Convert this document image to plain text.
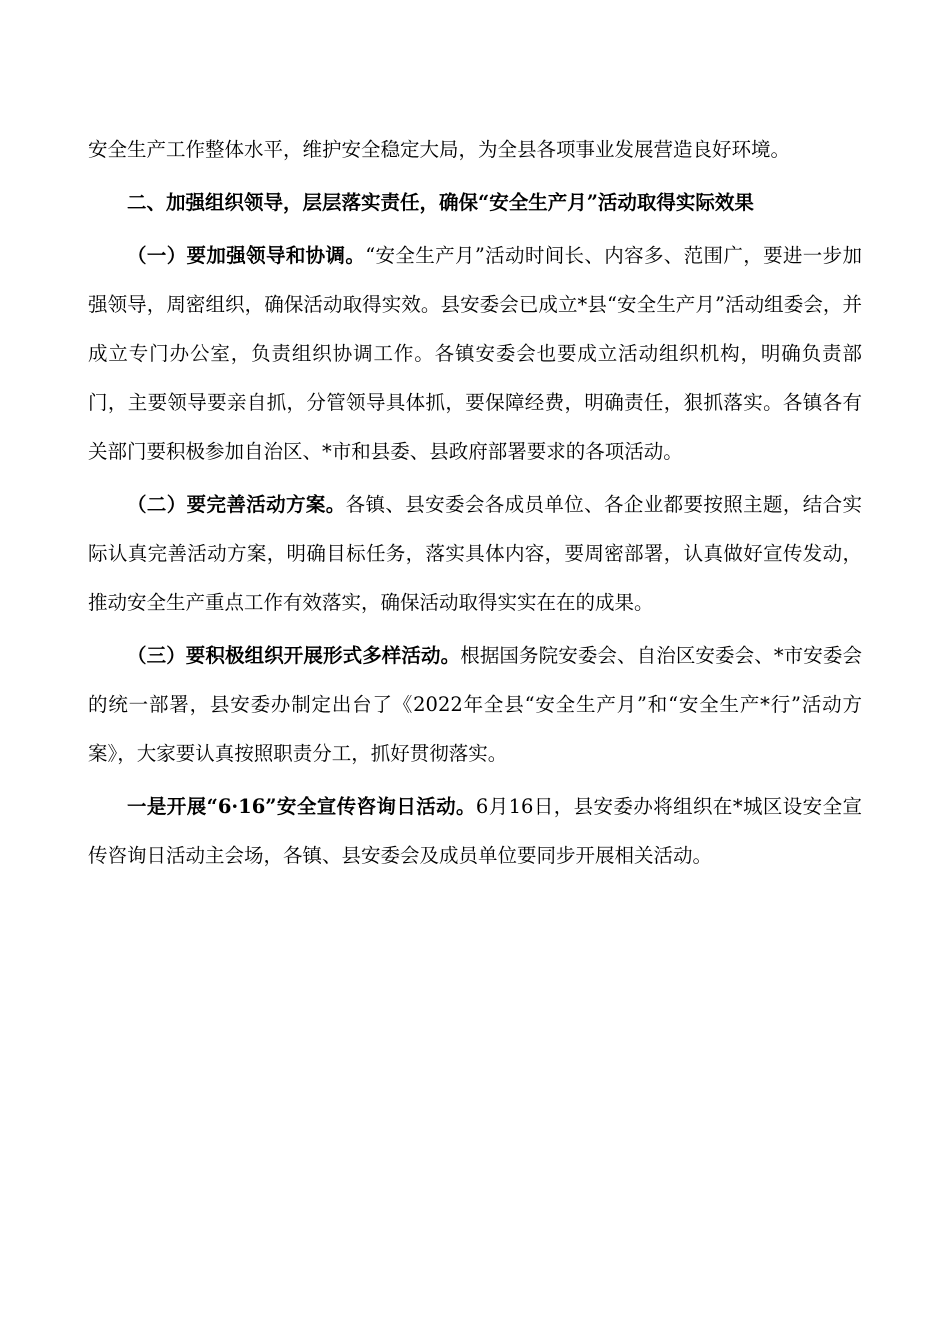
安全生产工作整体水平，维护安全稳定大局，为全县各项事业发展营造良好环境。

二、加强组织领导，层层落实责任，确保“安全生产月”活动取得实际效果

（一）要加强领导和协调。“安全生产月”活动时间长、内容多、范围广，要进一步加强领导，周密组织，确保活动取得实效。县安委会已成立*县“安全生产月”活动组委会，并成立专门办公室，负责组织协调工作。各镇安委会也要成立活动组织机构，明确负责部门，主要领导要亲自抓，分管领导具体抓，要保障经费，明确责任，狠抓落实。各镇各有关部门要积极参加自治区、*市和县委、县政府部署要求的各项活动。

（二）要完善活动方案。各镇、县安委会各成员单位、各企业都要按照主题，结合实际认真完善活动方案，明确目标任务，落实具体内容，要周密部署，认真做好宣传发动，推动安全生产重点工作有效落实，确保活动取得实实在在的成果。

（三）要积极组织开展形式多样活动。根据国务院安委会、自治区安委会、*市安委会的统一部署，县安委办制定出台了《2022年全县“安全生产月”和“安全生产*行”活动方案》，大家要认真按照职责分工，抓好贯彻落实。

一是开展“6·16”安全宣传咨询日活动。6月16日，县安委办将组织在*城区设安全宣传咨询日活动主会场，各镇、县安委会及成员单位要同步开展相关活动。
